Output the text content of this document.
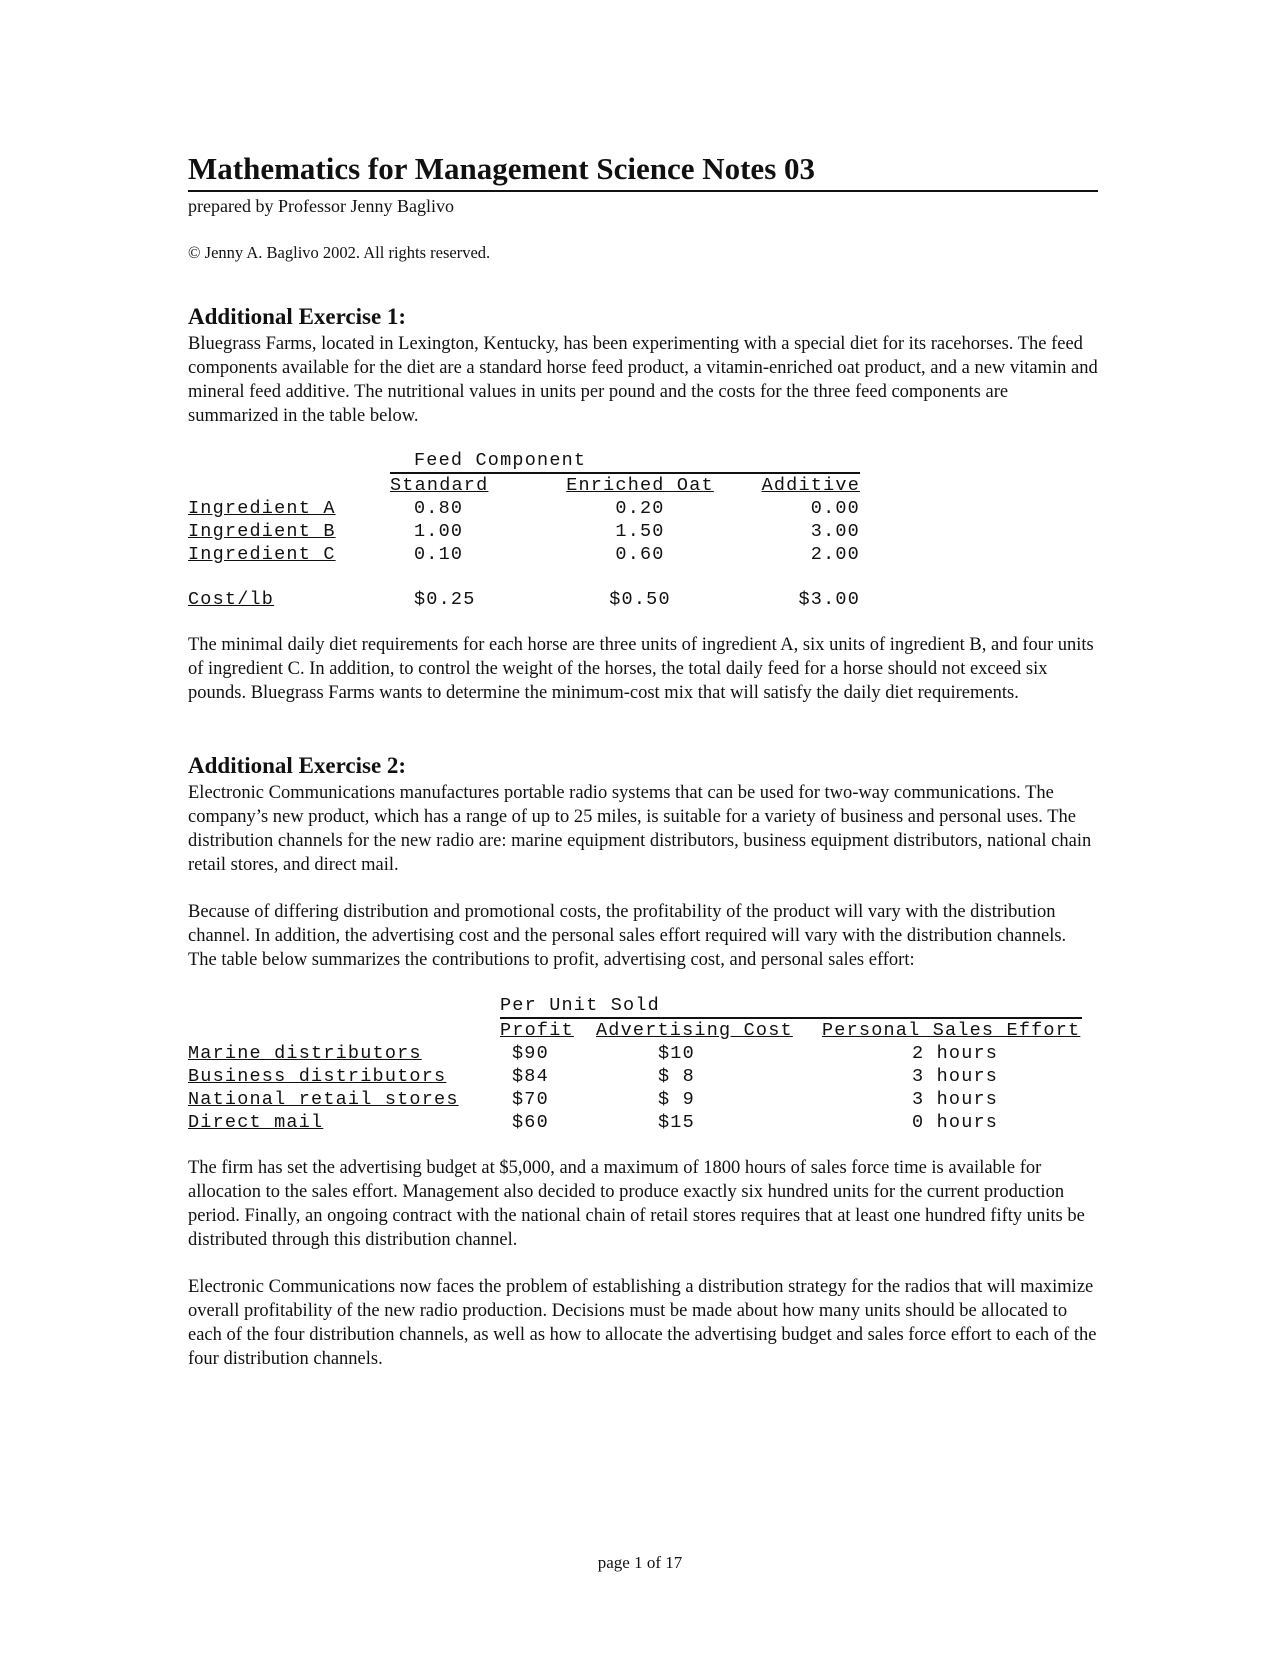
Mathematics for Management Science Notes 03
prepared by Professor Jenny Baglivo
© Jenny A. Baglivo 2002. All rights reserved.
Additional Exercise 1:

Bluegrass Farms, located in Lexington, Kentucky, has been experimenting with a special diet for its racehorses. The feed components available for the diet are a standard horse feed product, a vitamin-enriched oat product, and a new vitamin and mineral feed additive. The nutritional values in units per pound and the costs for the three feed components are summarized in the table below.

	Feed Component		
	Standard	Enriched Oat	Additive
Ingredient A	0.80	0.20	0.00
Ingredient B	1.00	1.50	3.00
Ingredient C	0.10	0.60	2.00

Cost/lb	$0.25	$0.50	$3.00

The minimal daily diet requirements for each horse are three units of ingredient A, six units of ingredient B, and four units of ingredient C. In addition, to control the weight of the horses, the total daily feed for a horse should not exceed six pounds. Bluegrass Farms wants to determine the minimum-cost mix that will satisfy the daily diet requirements.

Additional Exercise 2:

Electronic Communications manufactures portable radio systems that can be used for two-way communications. The company’s new product, which has a range of up to 25 miles, is suitable for a variety of business and personal uses. The distribution channels for the new radio are: marine equipment distributors, business equipment distributors, national chain retail stores, and direct mail.

Because of differing distribution and promotional costs, the profitability of the product will vary with the distribution channel. In addition, the advertising cost and the personal sales effort required will vary with the distribution channels. The table below summarizes the contributions to profit, advertising cost, and personal sales effort:

	Per Unit Sold		
	Profit	Advertising Cost	Personal Sales Effort
Marine distributors	$90	$10	2 hours
Business distributors	$84	$ 8	3 hours
National retail stores	$70	$ 9	3 hours
Direct mail	$60	$15	0 hours

The firm has set the advertising budget at $5,000, and a maximum of 1800 hours of sales force time is available for allocation to the sales effort. Management also decided to produce exactly six hundred units for the current production period. Finally, an ongoing contract with the national chain of retail stores requires that at least one hundred fifty units be distributed through this distribution channel.

Electronic Communications now faces the problem of establishing a distribution strategy for the radios that will maximize overall profitability of the new radio production. Decisions must be made about how many units should be allocated to each of the four distribution channels, as well as how to allocate the advertising budget and sales force effort to each of the four distribution channels.

page 1 of 17
